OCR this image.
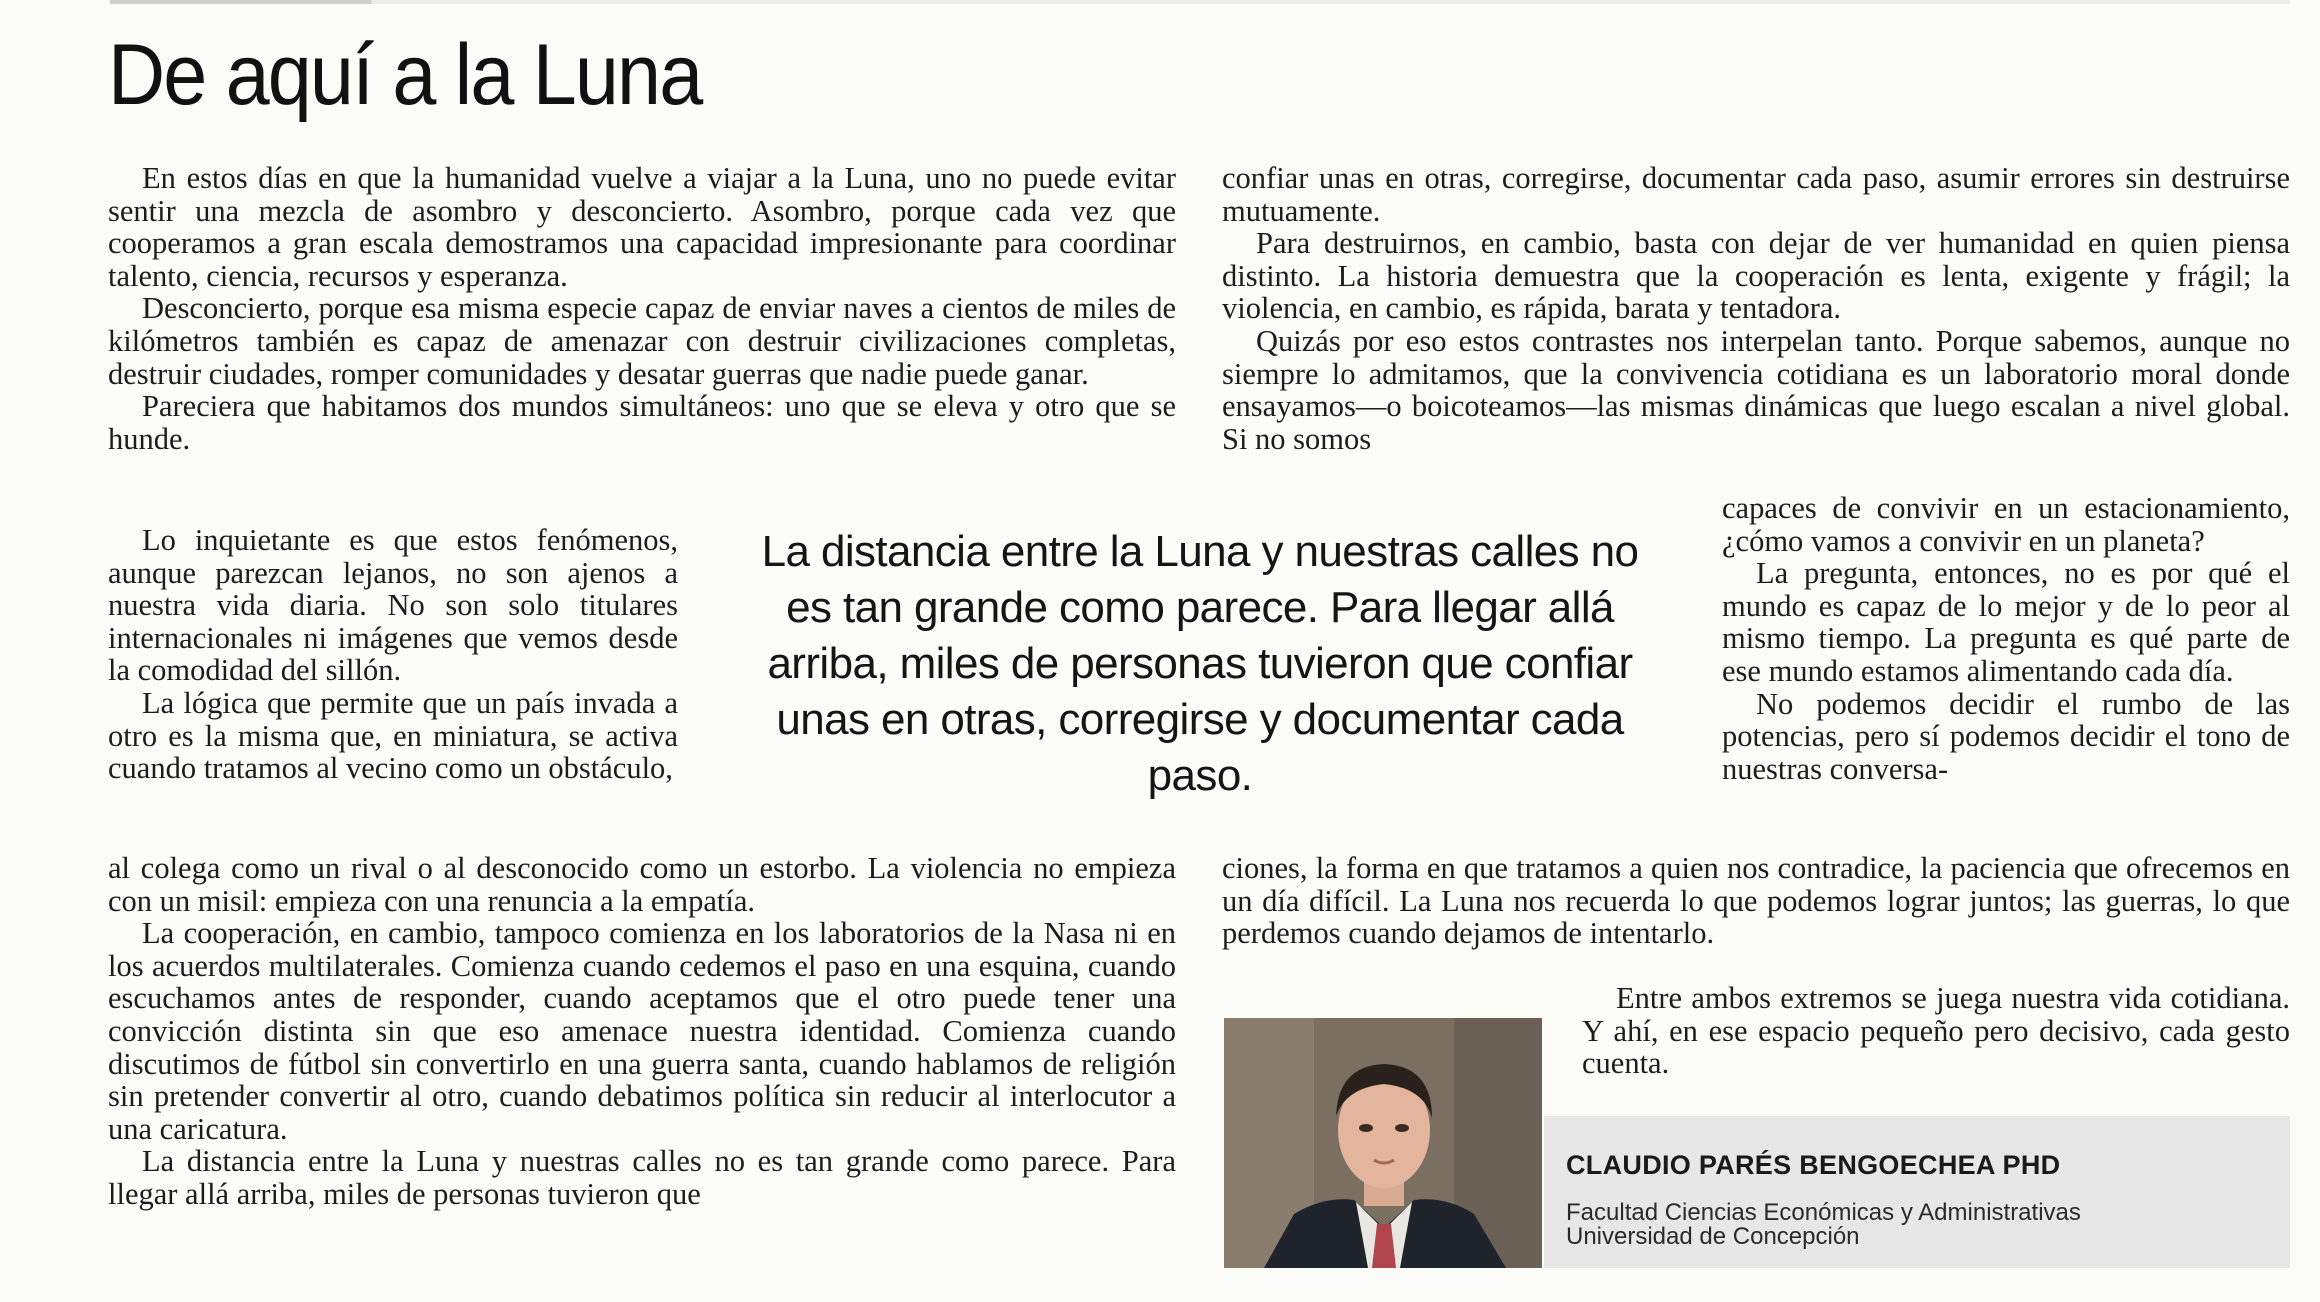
De aquí a la Luna

En estos días en que la humanidad vuelve a viajar a la Luna, uno no puede evitar sentir una mezcla de asombro y desconcierto. Asombro, porque cada vez que cooperamos a gran escala demostramos una capacidad impresionante para coordinar talento, ciencia, recursos y esperanza.

Desconcierto, porque esa misma especie capaz de enviar naves a cientos de miles de kilómetros también es capaz de amenazar con destruir civilizaciones completas, destruir ciudades, romper comunidades y desatar guerras que nadie puede ganar.

Pareciera que habitamos dos mundos simultáneos: uno que se eleva y otro que se hunde.

Lo inquietante es que estos fenómenos, aunque parezcan lejanos, no son ajenos a nuestra vida diaria. No son solo titulares internacionales ni imágenes que vemos desde la comodidad del sillón.

La lógica que permite que un país invada a otro es la misma que, en miniatura, se activa cuando tratamos al vecino como un obstáculo,

al colega como un rival o al desconocido como un estorbo. La violencia no empieza con un misil: empieza con una renuncia a la empatía.

La cooperación, en cambio, tampoco comienza en los laboratorios de la Nasa ni en los acuerdos multilaterales. Comienza cuando cedemos el paso en una esquina, cuando escuchamos antes de responder, cuando aceptamos que el otro puede tener una convicción distinta sin que eso amenace nuestra identidad. Comienza cuando discutimos de fútbol sin convertirlo en una guerra santa, cuando hablamos de religión sin pretender convertir al otro, cuando debatimos política sin reducir al interlocutor a una caricatura.

La distancia entre la Luna y nuestras calles no es tan grande como parece. Para llegar allá arriba, miles de personas tuvieron que

confiar unas en otras, corregirse, documentar cada paso, asumir errores sin destruirse mutuamente.

Para destruirnos, en cambio, basta con dejar de ver humanidad en quien piensa distinto. La historia demuestra que la cooperación es lenta, exigente y frágil; la violencia, en cambio, es rápida, barata y tentadora.

Quizás por eso estos contrastes nos interpelan tanto. Porque sabemos, aunque no siempre lo admitamos, que la convivencia cotidiana es un laboratorio moral donde ensayamos—o boicoteamos—las mismas dinámicas que luego escalan a nivel global. Si no somos

capaces de convivir en un estacionamiento, ¿cómo vamos a convivir en un planeta?

La pregunta, entonces, no es por qué el mundo es capaz de lo mejor y de lo peor al mismo tiempo. La pregunta es qué parte de ese mundo estamos alimentando cada día.

No podemos decidir el rumbo de las potencias, pero sí podemos decidir el tono de nuestras conversa-

ciones, la forma en que tratamos a quien nos contradice, la paciencia que ofrecemos en un día difícil. La Luna nos recuerda lo que podemos lograr juntos; las guerras, lo que perdemos cuando dejamos de intentarlo.

Entre ambos extremos se juega nuestra vida cotidiana. Y ahí, en ese espacio pequeño pero decisivo, cada gesto cuenta.

La distancia entre la Luna y nuestras calles no es tan grande como parece. Para llegar allá arriba, miles de personas tuvieron que confiar unas en otras, corregirse y documentar cada paso.

CLAUDIO PARÉS BENGOECHEA PHD

Facultad Ciencias Económicas y Administrativas

Universidad de Concepción
